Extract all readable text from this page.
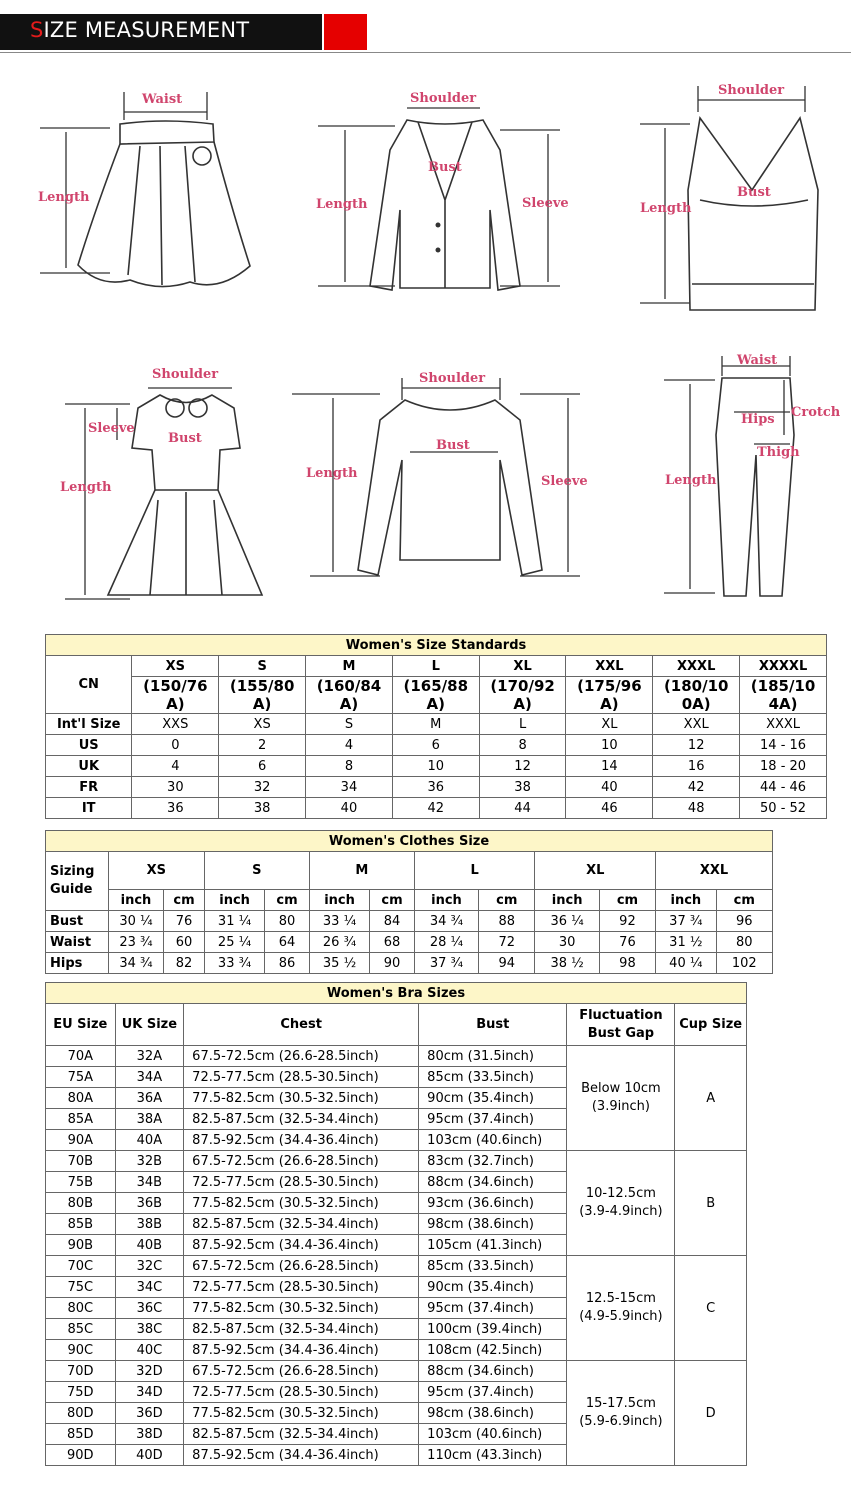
SIZE MEASUREMENT
Waist
Length
Shoulder
Bust
Length	Sleeve
Shoulder
Bust
Length
Shoulder
Sleeve
Bust
Length
Shoulder
Bust
Length
Sleeve
Waist
Hips Crotch
Thigh
Length
Women's Size Standards								
CN	XS	S	M	L	XL	XXL	XXXL	XXXXL
	(150/76 A)	(155/80 A)	(160/84 A)	(165/88 A)	(170/92 A)	(175/96 A)	(180/10 0A)	(185/10 4A)
Int'l Size	XXS	XS	S	M	L	XL	XXL	XXXL
US	0	2	4	6	8	10	12	14 - 16
UK	4	6	8	10	12	14	16	18 - 20
FR	30	32	34	36	38	40	42	44 - 46
IT	36	38	40	42	44	46	48	50 - 52
Women's Clothes Size												
Sizing Guide	XS		S		M		L		XL		XXL	
	inch	cm	inch	cm	inch	cm	inch	cm	inch	cm	inch	cm
Bust	30 ¼	76	31 ¼	80	33 ¼	84	34 ¾	88	36 ¼	92	37 ¾	96
Waist	23 ¾	60	25 ¼	64	26 ¾	68	28 ¼	72	30	76	31 ½	80
Hips	34 ¾	82	33 ¾	86	35 ½	90	37 ¾	94	38 ½	98	40 ¼	102
Women's Bra Sizes					
EU Size	UK Size	Chest	Bust	Fluctuation Bust Gap	Cup Size
70A	32A	67.5-72.5cm (26.6-28.5inch)	80cm (31.5inch)	Below 10cm (3.9inch)	A
75A	34A	72.5-77.5cm (28.5-30.5inch)	85cm (33.5inch)		
80A	36A	77.5-82.5cm (30.5-32.5inch)	90cm (35.4inch)		
85A	38A	82.5-87.5cm (32.5-34.4inch)	95cm (37.4inch)		
90A	40A	87.5-92.5cm (34.4-36.4inch)	103cm (40.6inch)		
70B	32B	67.5-72.5cm (26.6-28.5inch)	83cm (32.7inch)	10-12.5cm (3.9-4.9inch)	B
75B	34B	72.5-77.5cm (28.5-30.5inch)	88cm (34.6inch)		
80B	36B	77.5-82.5cm (30.5-32.5inch)	93cm (36.6inch)		
85B	38B	82.5-87.5cm (32.5-34.4inch)	98cm (38.6inch)		
90B	40B	87.5-92.5cm (34.4-36.4inch)	105cm (41.3inch)		
70C	32C	67.5-72.5cm (26.6-28.5inch)	85cm (33.5inch)	12.5-15cm (4.9-5.9inch)	C
75C	34C	72.5-77.5cm (28.5-30.5inch)	90cm (35.4inch)		
80C	36C	77.5-82.5cm (30.5-32.5inch)	95cm (37.4inch)		
85C	38C	82.5-87.5cm (32.5-34.4inch)	100cm (39.4inch)		
90C	40C	87.5-92.5cm (34.4-36.4inch)	108cm (42.5inch)		
70D	32D	67.5-72.5cm (26.6-28.5inch)	88cm (34.6inch)	15-17.5cm (5.9-6.9inch)	D
75D	34D	72.5-77.5cm (28.5-30.5inch)	95cm (37.4inch)		
80D	36D	77.5-82.5cm (30.5-32.5inch)	98cm (38.6inch)		
85D	38D	82.5-87.5cm (32.5-34.4inch)	103cm (40.6inch)		
90D	40D	87.5-92.5cm (34.4-36.4inch)	110cm (43.3inch)		
